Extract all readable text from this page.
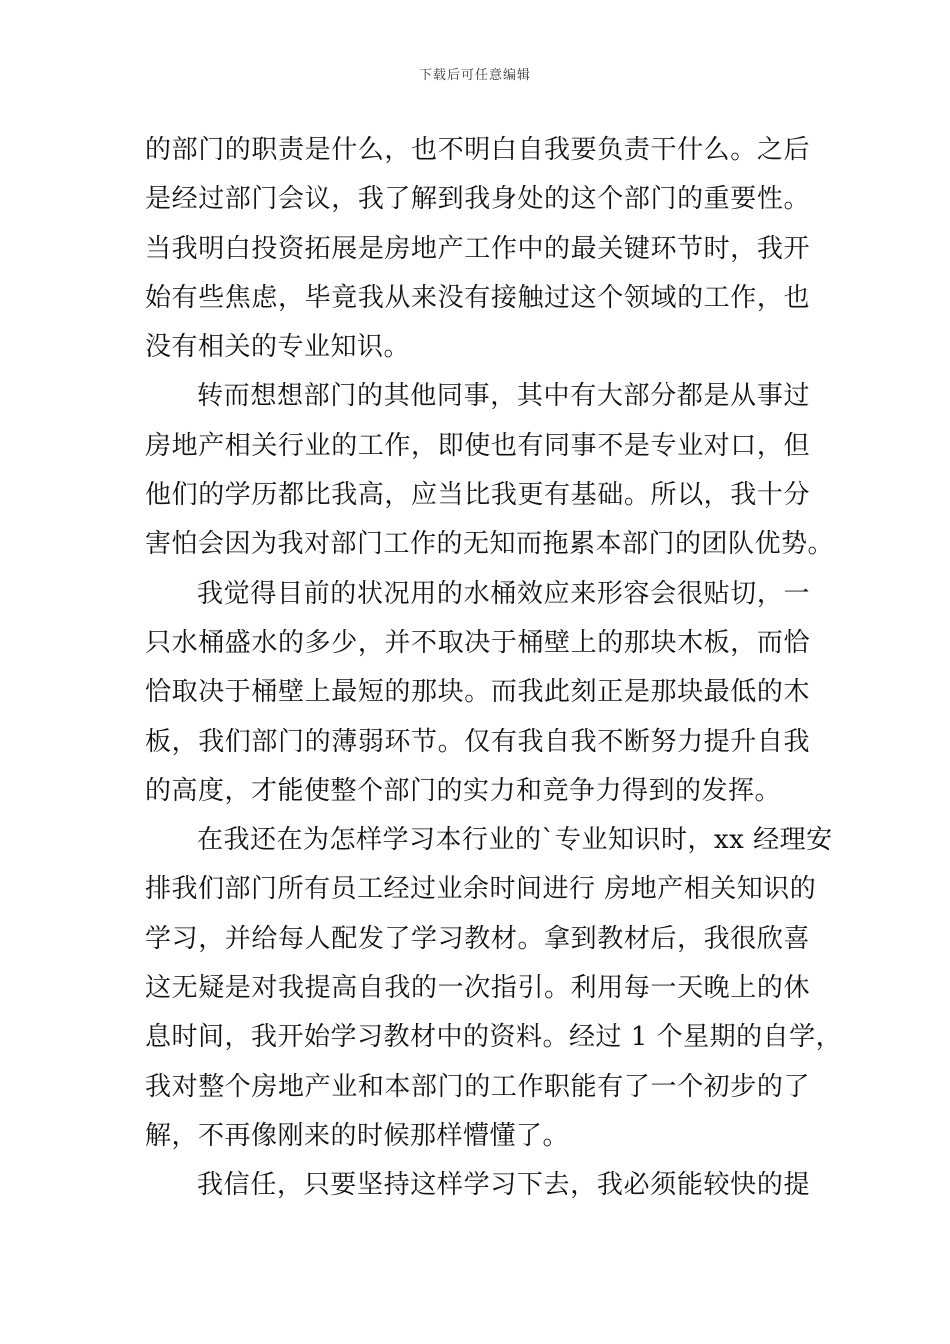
下载后可任意编辑
的部门的职责是什么，也不明白自我要负责干什么。之后
是经过部门会议，我了解到我身处的这个部门的重要性。
当我明白投资拓展是房地产工作中的最关键环节时，我开
始有些焦虑，毕竟我从来没有接触过这个领域的工作，也
没有相关的专业知识。
转而想想部门的其他同事，其中有大部分都是从事过
房地产相关行业的工作，即使也有同事不是专业对口，但
他们的学历都比我高，应当比我更有基础。所以，我十分
害怕会因为我对部门工作的无知而拖累本部门的团队优势。
我觉得目前的状况用的水桶效应来形容会很贴切，一
只水桶盛水的多少，并不取决于桶壁上的那块木板，而恰
恰取决于桶壁上最短的那块。而我此刻正是那块最低的木
板，我们部门的薄弱环节。仅有我自我不断努力提升自我
的高度，才能使整个部门的实力和竞争力得到的发挥。
在我还在为怎样学习本行业的`专业知识时，xx 经理安
排我们部门所有员工经过业余时间进行 房地产相关知识的
学习，并给每人配发了学习教材。拿到教材后，我很欣喜
这无疑是对我提高自我的一次指引。利用每一天晚上的休
息时间，我开始学习教材中的资料。经过 1 个星期的自学，
我对整个房地产业和本部门的工作职能有了一个初步的了
解，不再像刚来的时候那样懵懂了。
我信任，只要坚持这样学习下去，我必须能较快的提
